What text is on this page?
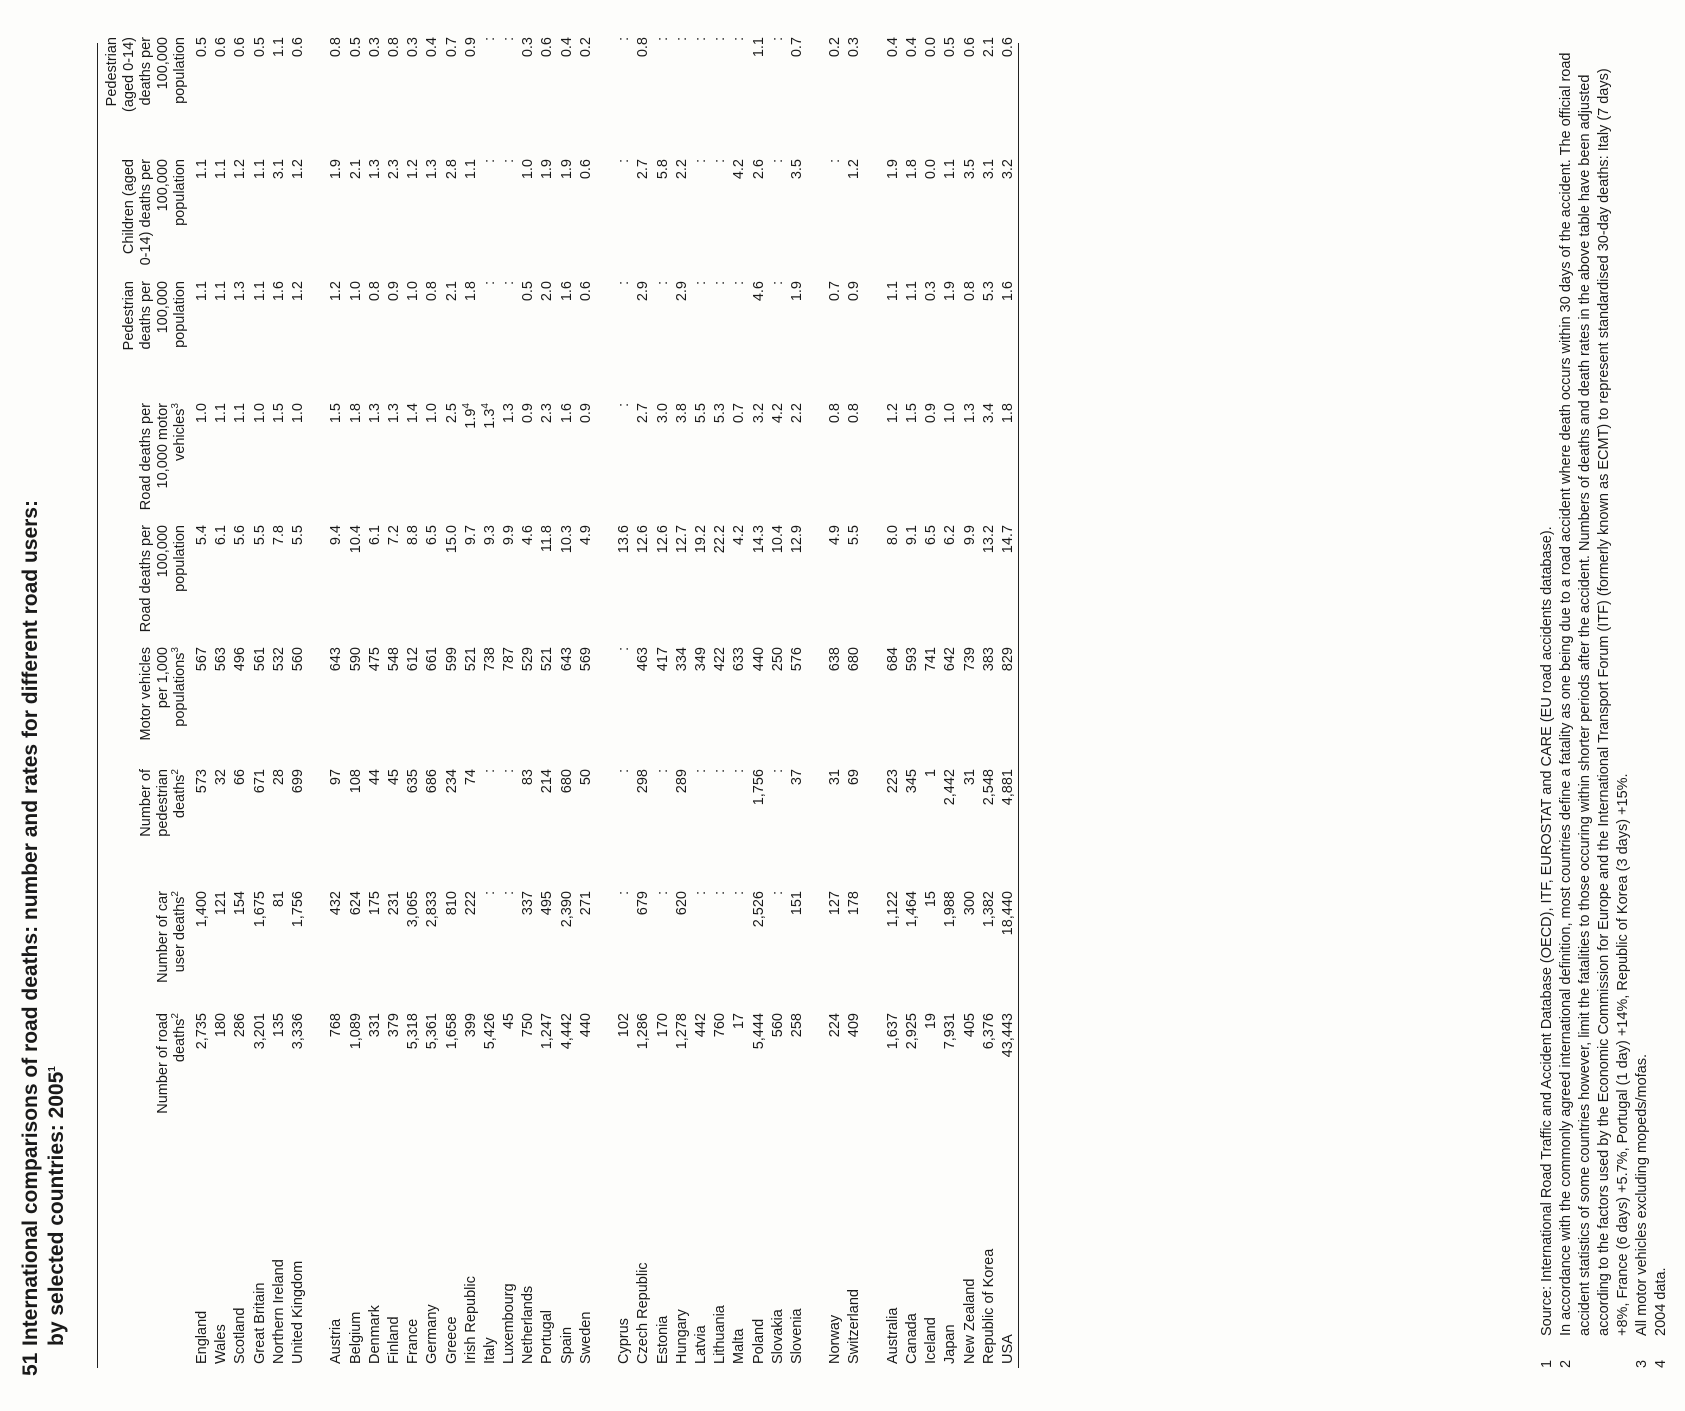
51International comparisons of road deaths: number and rates for different road users: by selected countries: 2005$^1$
		Number of road deaths$^2$	Number of car user deaths$^2$	Number of pedestrian deaths$^2$	Motor vehicles per 1,000 populations$^3$	Road deaths per 100,000 population	Road deaths per 10,000 motor vehicles$^3$	Pedestrian deaths per 100,000 population	Children (aged 0-14) deaths per 100,000 population	Pedestrian (aged 0-14) deaths per 100,000 population
England	2,735	1,400	573	567	5.4	1.0	1.1	1.1	0.5
Wales	180	121	32	563	6.1	1.1	1.1	1.1	0.6
Scotland	286	154	66	496	5.6	1.1	1.3	1.2	0.6
Great Britain	3,201	1,675	671	561	5.5	1.0	1.1	1.1	0.5
Northern Ireland	135	81	28	532	7.8	1.5	1.6	3.1	1.1
United Kingdom	3,336	1,756	699	560	5.5	1.0	1.2	1.2	0.6

Austria	768	432	97	643	9.4	1.5	1.2	1.9	0.8
Belgium	1,089	624	108	590	10.4	1.8	1.0	2.1	0.5
Denmark	331	175	44	475	6.1	1.3	0.8	1.3	0.3
Finland	379	231	45	548	7.2	1.3	0.9	2.3	0.8
France	5,318	3,065	635	612	8.8	1.4	1.0	1.2	0.3
Germany	5,361	2,833	686	661	6.5	1.0	0.8	1.3	0.4
Greece	1,658	810	234	599	15.0	2.5	2.1	2.8	0.7
Irish Republic	399	222	74	521	9.7	$1.9^4$	1.8	1.1	0.9
Italy	5,426	:	:	738	9.3	$1.3^4$	:	:	:
Luxembourg	45	:	:	787	9.9	1.3	:	:	:
Netherlands	750	337	83	529	4.6	0.9	0.5	1.0	0.3
Portugal	1,247	495	214	521	11.8	2.3	2.0	1.9	0.6
Spain	4,442	2,390	680	643	10.3	1.6	1.6	1.9	0.4
Sweden	440	271	50	569	4.9	0.9	0.6	0.6	0.2

Cyprus	102	:	:	:	13.6	:	:	:	:
Czech Republic	1,286	679	298	463	12.6	2.7	2.9	2.7	0.8
Estonia	170	:	:	417	12.6	3.0	:	5.8	:
Hungary	1,278	620	289	334	12.7	3.8	2.9	2.2	:
Latvia	442	:	:	349	19.2	5.5	:	:	:
Lithuania	760	:	:	422	22.2	5.3	:	:	:
Malta	17	:	:	633	4.2	0.7	:	4.2	:
Poland	5,444	2,526	1,756	440	14.3	3.2	4.6	2.6	1.1
Slovakia	560	:	:	250	10.4	4.2	:	:	:
Slovenia	258	151	37	576	12.9	2.2	1.9	3.5	0.7

Norway	224	127	31	638	4.9	0.8	0.7	:	0.2
Switzerland	409	178	69	680	5.5	0.8	0.9	1.2	0.3

Australia	1,637	1,122	223	684	8.0	1.2	1.1	1.9	0.4
Canada	2,925	1,464	345	593	9.1	1.5	1.1	1.8	0.4
Iceland	19	15	1	741	6.5	0.9	0.3	0.0	0.0
Japan	7,931	1,988	2,442	642	6.2	1.0	1.9	1.1	0.5
New Zealand	405	300	31	739	9.9	1.3	0.8	3.5	0.6
Republic of Korea	6,376	1,382	2,548	383	13.2	3.4	5.3	3.1	2.1
USA	43,443	18,440	4,881	829	14.7	1.8	1.6	3.2	0.6
1
Source: International Road Traffic and Accident Database (OECD), ITF, EUROSTAT and CARE (EU road accidents database).
2
In accordance with the commonly agreed international definition, most countries define a fatality as one being due to a road accident where death occurs within 30 days of the accident. The official road accident statistics of some countries however, limit the fatalities to those occuring within shorter periods after the accident. Numbers of deaths and death rates in the above table have been adjusted according to the factors used by the Economic Commission for Europe and the International Transport Forum (ITF) (formerly known as ECMT) to represent standardised 30-day deaths: Italy (7 days) +8%, France (6 days) +5.7%, Portugal (1 day) +14%, Republic of Korea (3 days) +15%.
3
All motor vehicles excluding mopeds/mofas.
4
2004 data.
